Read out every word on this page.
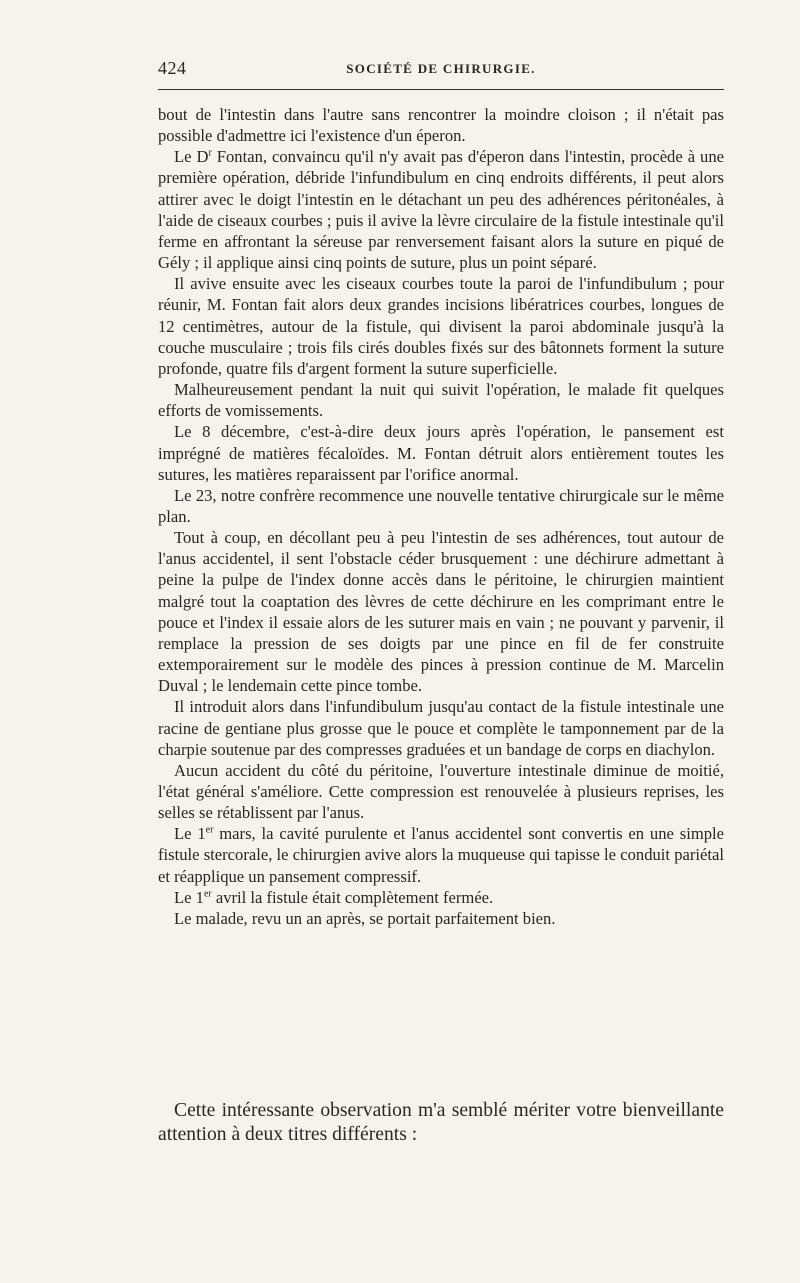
424	SOCIÉTÉ DE CHIRURGIE.

bout de l'intestin dans l'autre sans rencontrer la moindre cloison ; il n'était pas possible d'admettre ici l'existence d'un éperon.

Le $D^r$ Fontan, convaincu qu'il n'y avait pas d'éperon dans l'intestin, procède à une première opération, débride l'infundibulum en cinq endroits différents, il peut alors attirer avec le doigt l'intestin en le détachant un peu des adhérences péritonéales, à l'aide de ciseaux courbes ; puis il avive la lèvre circulaire de la fistule intestinale qu'il ferme en affrontant la séreuse par renversement faisant alors la suture en piqué de Gély ; il applique ainsi cinq points de suture, plus un point séparé.

Il avive ensuite avec les ciseaux courbes toute la paroi de l'infundibulum ; pour réunir, M. Fontan fait alors deux grandes incisions libératrices courbes, longues de 12 centimètres, autour de la fistule, qui divisent la paroi abdominale jusqu'à la couche musculaire ; trois fils cirés doubles fixés sur des bâtonnets forment la suture profonde, quatre fils d'argent forment la suture superficielle.

Malheureusement pendant la nuit qui suivit l'opération, le malade fit quelques efforts de vomissements.

Le 8 décembre, c'est-à-dire deux jours après l'opération, le pansement est imprégné de matières fécaloïdes. M. Fontan détruit alors entièrement toutes les sutures, les matières reparaissent par l'orifice anormal.

Le 23, notre confrère recommence une nouvelle tentative chirurgicale sur le même plan.

Tout à coup, en décollant peu à peu l'intestin de ses adhérences, tout autour de l'anus accidentel, il sent l'obstacle céder brusquement : une déchirure admettant à peine la pulpe de l'index donne accès dans le péritoine, le chirurgien maintient malgré tout la coaptation des lèvres de cette déchirure en les comprimant entre le pouce et l'index il essaie alors de les suturer mais en vain ; ne pouvant y parvenir, il remplace la pression de ses doigts par une pince en fil de fer construite extemporairement sur le modèle des pinces à pression continue de M. Marcelin Duval ; le lendemain cette pince tombe.

Il introduit alors dans l'infundibulum jusqu'au contact de la fistule intestinale une racine de gentiane plus grosse que le pouce et complète le tamponnement par de la charpie soutenue par des compresses graduées et un bandage de corps en diachylon.

Aucun accident du côté du péritoine, l'ouverture intestinale diminue de moitié, l'état général s'améliore. Cette compression est renouvelée à plusieurs reprises, les selles se rétablissent par l'anus.

Le 1er mars, la cavité purulente et l'anus accidentel sont convertis en une simple fistule stercorale, le chirurgien avive alors la muqueuse qui tapisse le conduit pariétal et réapplique un pansement compressif.

Le 1er avril la fistule était complètement fermée.

Le malade, revu un an après, se portait parfaitement bien.

Cette intéressante observation m'a semblé mériter votre bienveillante attention à deux titres différents :
